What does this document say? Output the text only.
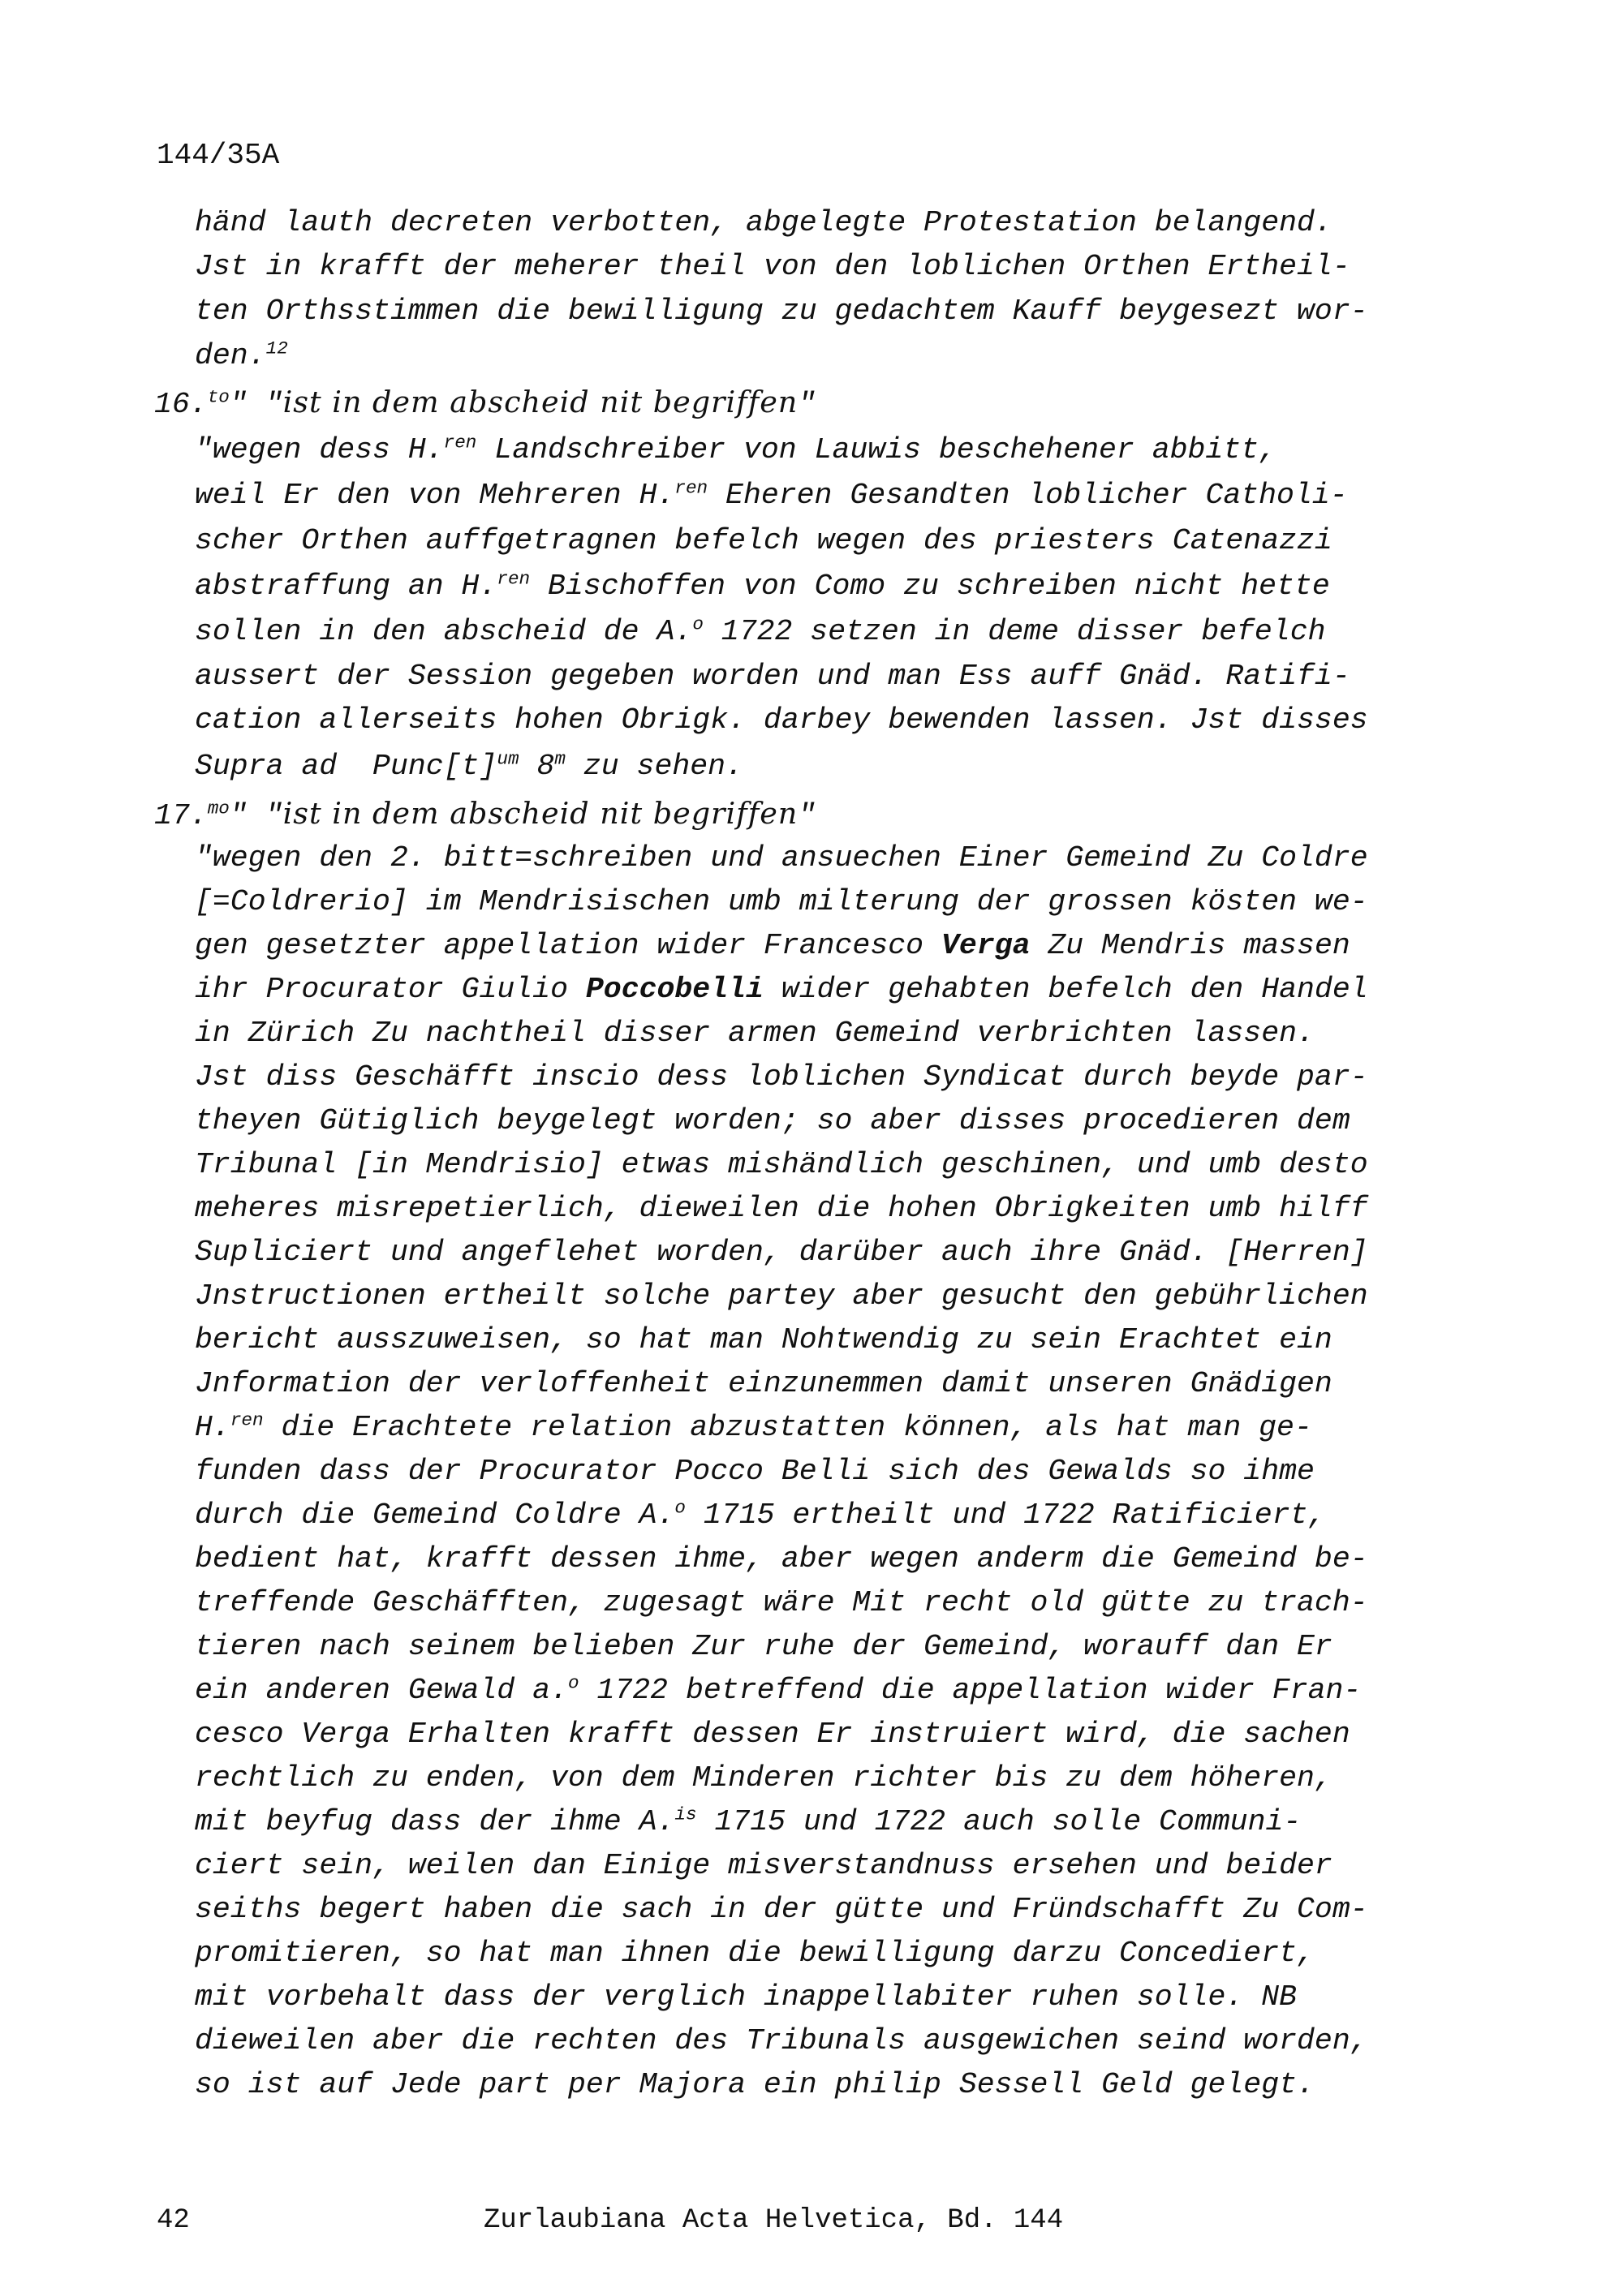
144/35A
händ lauth decreten verbotten, abgelegte Protestation belangend.
Jst in krafft der meherer theil von den loblichen Orthen Ertheil-
ten Orthsstimmen die bewilligung zu gedachtem Kauff beygesezt wor-
den.$^{12}$
16.$^{to}$" "ist in dem abscheid nit begriffen"
"wegen dess H.$^{ren}$ Landschreiber von Lauwis beschehener abbitt,
weil Er den von Mehreren H.$^{ren}$ Eheren Gesandten loblicher Catholi-
scher Orthen auffgetragnen befelch wegen des priesters Catenazzi
abstraffung an H.$^{ren}$ Bischoffen von Como zu schreiben nicht hette
sollen in den abscheid de A.$^o$ 1722 setzen in deme disser befelch
aussert der Session gegeben worden und man Ess auff Gnäd. Ratifi-
cation allerseits hohen Obrigk. darbey bewenden lassen. Jst disses
Supra ad  $Punc[t]^{um}$ 8$^m$ zu sehen.
17.$^{mo}$" "ist in dem abscheid nit begriffen"
"wegen den 2. bitt=schreiben und ansuechen Einer Gemeind Zu Coldre
[=Coldrerio] im Mendrisischen umb milterung der grossen kösten we-
gen gesetzter appellation wider Francesco Verga Zu Mendris massen
ihr Procurator Giulio Poccobelli wider gehabten befelch den Handel
in Zürich Zu nachtheil disser armen Gemeind verbrichten lassen.
Jst diss Geschäfft inscio dess loblichen Syndicat durch beyde par-
theyen Gütiglich beygelegt worden; so aber disses procedieren dem
Tribunal [in Mendrisio] etwas mishändlich geschinen, und umb desto
meheres misrepetierlich, dieweilen die hohen Obrigkeiten umb hilff
Supliciert und angeflehet worden, darüber auch ihre Gnäd. [Herren]
Jnstructionen ertheilt solche partey aber gesucht den gebührlichen
bericht ausszuweisen, so hat man Nohtwendig zu sein Erachtet ein
Jnformation der verloffenheit einzunemmen damit unseren Gnädigen
H.$^{ren}$ die Erachtete relation abzustatten können, als hat man ge-
funden dass der Procurator Pocco Belli sich des Gewalds so ihme
durch die Gemeind Coldre A.$^o$ 1715 ertheilt und 1722 Ratificiert,
bedient hat, krafft dessen ihme, aber wegen anderm die Gemeind be-
treffende Geschäfften, zugesagt wäre Mit recht old gütte zu trach-
tieren nach seinem belieben Zur ruhe der Gemeind, worauff dan Er
ein anderen Gewald a.$^o$ 1722 betreffend die appellation wider Fran-
cesco Verga Erhalten krafft dessen Er instruiert wird, die sachen
rechtlich zu enden, von dem Minderen richter bis zu dem höheren,
mit beyfug dass der ihme A.$^{is}$ 1715 und 1722 auch solle Communi-
ciert sein, weilen dan Einige misverstandnuss ersehen und beider
seiths begert haben die sach in der gütte und Fründschafft Zu Com-
promitieren, so hat man ihnen die bewilligung darzu Concediert,
mit vorbehalt dass der verglich inappellabiter ruhen solle. NB
dieweilen aber die rechten des Tribunals ausgewichen seind worden,
so ist auf Jede part per Majora ein philip Sessell Geld gelegt.
42	Zurlaubiana Acta Helvetica, Bd. 144
